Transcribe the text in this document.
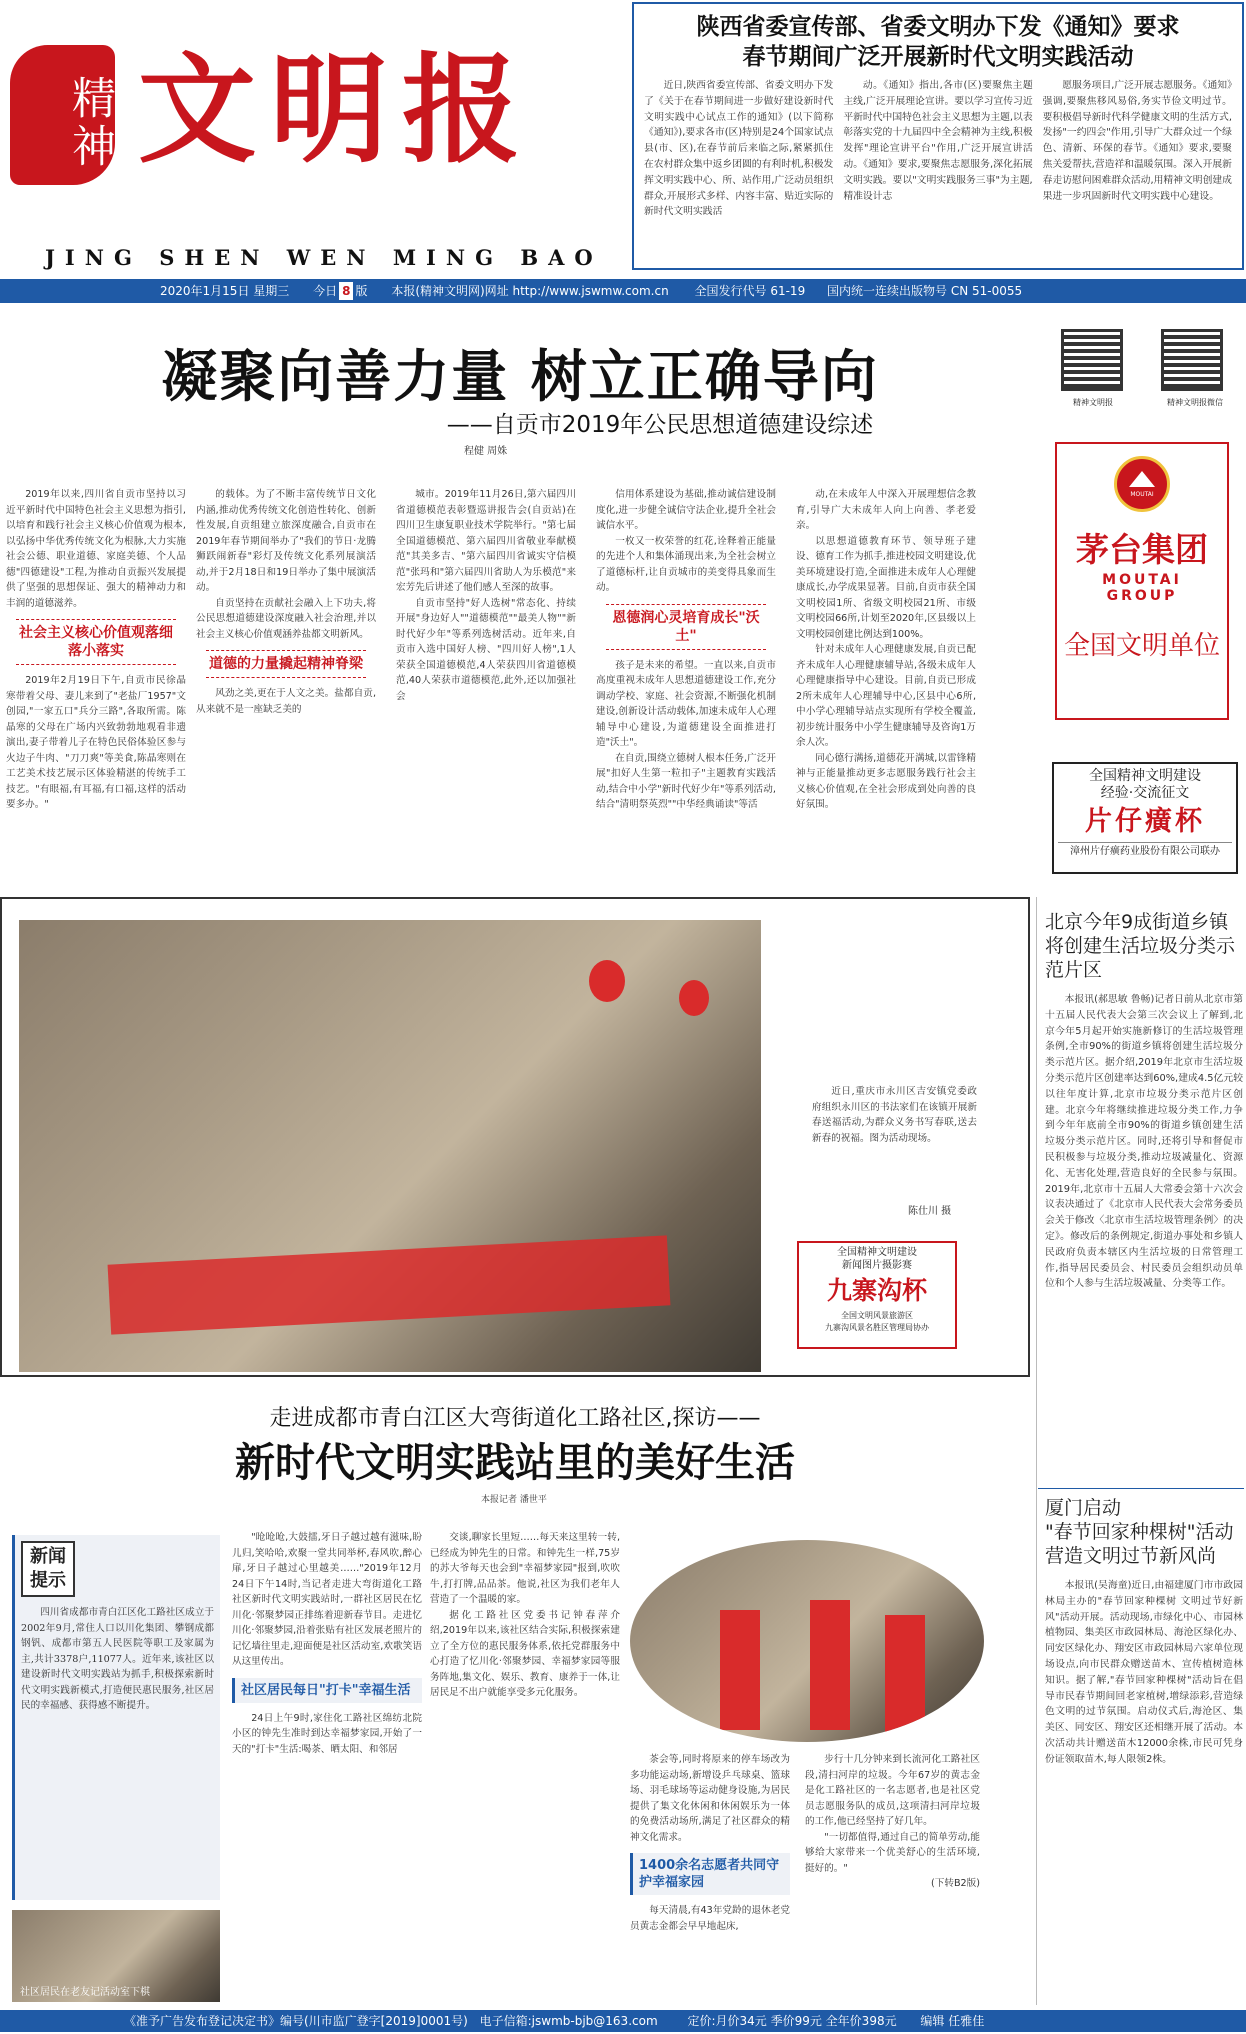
精神 文明报
JING SHEN WEN MING BAO
陕西省委宣传部、省委文明办下发《通知》要求
春节期间广泛开展新时代文明实践活动
近日,陕西省委宣传部、省委文明办下发了《关于在春节期间进一步做好建设新时代文明实践中心试点工作的通知》(以下简称《通知》),要求各市(区)特别是24个国家试点县(市、区),在春节前后来临之际,紧紧抓住在农村群众集中返乡团圆的有利时机,积极发挥文明实践中心、所、站作用,广泛动员组织群众,开展形式多样、内容丰富、贴近实际的新时代文明实践活
动。《通知》指出,各市(区)要聚焦主题主线,广泛开展理论宣讲。要以学习宣传习近平新时代中国特色社会主义思想为主题,以表彰落实党的十九届四中全会精神为主线,积极发挥"理论宣讲平台"作用,广泛开展宣讲活动。《通知》要求,要聚焦志愿服务,深化拓展文明实践。要以"文明实践服务三事"为主题,精准设计志
愿服务项目,广泛开展志愿服务。《通知》强调,要聚焦移风易俗,务实节俭文明过节。要积极倡导新时代科学健康文明的生活方式,发扬"一约四会"作用,引导广大群众过一个绿色、清新、环保的春节。《通知》要求,要聚焦关爱帮扶,营造祥和温暖氛围。深入开展新春走访慰问困难群众活动,用精神文明创建成果进一步巩固新时代文明实践中心建设。
2020年1月15日 星期三 今日 8 版 本报(精神文明网)网址 http://www.jswmw.com.cn 全国发行代号 61-19 国内统一连续出版物号 CN 51-0055
凝聚向善力量 树立正确导向
——自贡市2019年公民思想道德建设综述
程健 周姝

2019年以来,四川省自贡市坚持以习近平新时代中国特色社会主义思想为指引,以培育和践行社会主义核心价值观为根本,以弘扬中华优秀传统文化为根脉,大力实施社会公德、职业道德、家庭美德、个人品德"四德建设"工程,为推动自贡振兴发展提供了坚强的思想保证、强大的精神动力和丰润的道德滋养。

社会主义核心价值观落细落小落实

2019年2月19日下午,自贡市民徐晶寒带着父母、妻儿来到了"老盐厂1957"文创园,"一家五口"兵分三路",各取所需。陈晶寒的父母在广场内兴致勃勃地观看非遗演出,妻子带着儿子在特色民俗体验区参与火边子牛肉、"刀刀爽"等美食,陈晶寒则在工艺美术技艺展示区体验精湛的传统手工技艺。"有眼福,有耳福,有口福,这样的活动要多办。"

的载体。为了不断丰富传统节日文化内涵,推动优秀传统文化创造性转化、创新性发展,自贡组建立旅深度融合,自贡市在2019年春节期间举办了"我们的节日·龙腾狮跃闹新春"彩灯及传统文化系列展演活动,并于2月18日和19日举办了集中展演活动。

自贡坚持在贡献社会融入上下功夫,将公民思想道德建设深度融入社会治理,并以社会主义核心价值观涵养盐都文明新风。

道德的力量撬起精神脊梁

风劲之美,更在于人文之美。盐都自贡,从来就不是一座缺乏美的

城市。2019年11月26日,第六届四川省道德模范表彰暨巡讲报告会(自贡站)在四川卫生康复职业技术学院举行。"第七届全国道德模范、第六届四川省敬业奉献模范"其美多吉、"第六届四川省诚实守信模范"张玛和"第六届四川省助人为乐模范"来宏芳先后讲述了他们感人至深的故事。

自贡市坚持"好人选树"常态化、持续开展"身边好人""道德模范""最美人物""新时代好少年"等系列选树活动。近年来,自贡市入选中国好人榜、"四川好人榜",1人荣获全国道德模范,4人荣获四川省道德模范,40人荣获市道德模范,此外,还以加强社会

信用体系建设为基础,推动诚信建设制度化,进一步健全诚信守法企业,提升全社会诚信水平。

一枚又一枚荣誉的红花,诠释着正能量的先进个人和集体涌现出来,为全社会树立了道德标杆,让自贡城市的美变得具象而生动。

恩德润心灵培育成长"沃土"

孩子是未来的希望。一直以来,自贡市高度重视未成年人思想道德建设工作,充分调动学校、家庭、社会资源,不断强化机制建设,创新设计活动载体,加速未成年人心理辅导中心建设,为道德建设全面推进打造"沃土"。

在自贡,围绕立德树人根本任务,广泛开展"扣好人生第一粒扣子"主题教育实践活动,结合中小学"新时代好少年"等系列活动,结合"清明祭英烈""中华经典诵读"等活

动,在未成年人中深入开展理想信念教育,引导广大未成年人向上向善、孝老爱亲。

以思想道德教育环节、领导班子建设、德育工作为抓手,推进校园文明建设,优美环境建设打造,全面推进未成年人心理健康成长,办学成果显著。目前,自贡市获全国文明校园1所、省级文明校园21所、市级文明校园66所,计划至2020年,区县级以上文明校园创建比例达到100%。

针对未成年人心理健康发展,自贡已配齐未成年人心理健康辅导站,各级未成年人心理健康指导中心建设。目前,自贡已形成2所未成年人心理辅导中心,区县中心6所,中小学心理辅导站点实现所有学校全覆盖,初步统计服务中小学生健康辅导及咨询1万余人次。

同心德行满扬,道德花开满城,以雷锋精神与正能量推动更多志愿服务践行社会主义核心价值观,在全社会形成到处向善的良好氛围。

精神文明报	精神文明报微信
MOUTAI
茅台集团
MOUTAI GROUP
全国文明单位
全国精神文明建设
经验·交流征文
片仔癀杯
漳州片仔癀药业股份有限公司联办
近日,重庆市永川区吉安镇党委政府组织永川区的书法家们在该镇开展新春送福活动,为群众义务书写春联,送去新春的祝福。图为活动现场。
陈仕川 摄
全国精神文明建设
新闻图片摄影赛
九寨沟杯
全国文明风景旅游区
九寨沟风景名胜区管理局协办
北京今年9成街道乡镇将创建生活垃圾分类示范片区

本报讯(郝思敏 鲁畅)记者日前从北京市第十五届人民代表大会第三次会议上了解到,北京今年5月起开始实施新修订的生活垃圾管理条例,全市90%的街道乡镇将创建生活垃圾分类示范片区。据介绍,2019年北京市生活垃圾分类示范片区创建率达到60%,建成4.5亿元较以往年度计算,北京市垃圾分类示范片区创建。北京今年将继续推进垃圾分类工作,力争到今年年底前全市90%的街道乡镇创建生活垃圾分类示范片区。同时,还将引导和督促市民积极参与垃圾分类,推动垃圾减量化、资源化、无害化处理,营造良好的全民参与氛围。2019年,北京市十五届人大常委会第十六次会议表决通过了《北京市人民代表大会常务委员会关于修改〈北京市生活垃圾管理条例〉的决定》。修改后的条例规定,街道办事处和乡镇人民政府负责本辖区内生活垃圾的日常管理工作,指导居民委员会、村民委员会组织动员单位和个人参与生活垃圾减量、分类等工作。

厦门启动
"春节回家种棵树"活动
营造文明过节新风尚

本报讯(吴海童)近日,由福建厦门市市政园林局主办的"春节回家种棵树 文明过节好新风"活动开展。活动现场,市绿化中心、市园林植物园、集美区市政园林局、海沧区绿化办、同安区绿化办、翔安区市政园林局六家单位现场设点,向市民群众赠送苗木、宣传植树造林知识。据了解,"春节回家种棵树"活动旨在倡导市民春节期间回老家植树,增绿添彩,营造绿色文明的过节氛围。启动仪式后,海沧区、集美区、同安区、翔安区还相继开展了活动。本次活动共计赠送苗木12000余株,市民可凭身份证领取苗木,每人限领2株。

走进成都市青白江区大弯街道化工路社区,探访——
新时代文明实践站里的美好生活
本报记者 潘世平
新闻提示

四川省成都市青白江区化工路社区成立于2002年9月,常住人口以川化集团、攀钢成都钢钒、成都市第五人民医院等职工及家属为主,共计3378户,11077人。近年来,该社区以建设新时代文明实践站为抓手,积极探索新时代文明实践新模式,打造便民惠民服务,社区居民的幸福感、获得感不断提升。

社区居民在老友记活动室下棋

"呛呛呛,大鼓擂,牙日子越过越有滋味,盼儿归,笑哈哈,欢聚一堂共同举杯,春风吹,醉心扉,牙日子越过心里越美……"2019年12月24日下午14时,当记者走进大弯街道化工路社区新时代文明实践站时,一群社区居民在忆川化·邻聚梦园正排练着迎新春节目。走进忆川化·邻聚梦园,沿着张贴有社区发展老照片的记忆墙往里走,迎面便是社区活动室,欢歌笑语从这里传出。

社区居民每日"打卡"幸福生活

24日上午9时,家住化工路社区绵纺北院小区的钟先生准时到达幸福梦家园,开始了一天的"打卡"生活:喝茶、晒太阳、和邻居

交谈,聊家长里短……每天来这里转一转,已经成为钟先生的日常。和钟先生一样,75岁的苏大爷每天也会到"幸福梦家园"报到,吹吹牛,打打牌,品品茶。他说,社区为我们老年人营造了一个温暖的家。

据化工路社区党委书记钟春萍介绍,2019年以来,该社区结合实际,积极探索建立了全方位的惠民服务体系,依托党群服务中心打造了忆川化·邻聚梦园、幸福梦家园等服务阵地,集文化、娱乐、教育、康养于一体,让居民足不出户就能享受多元化服务。

茶会等,同时将原来的停车场改为多功能运动场,新增设乒乓球桌、篮球场、羽毛球场等运动健身设施,为居民提供了集文化休闲和休闲娱乐为一体的免费活动场所,满足了社区群众的精神文化需求。

1400余名志愿者共同守护幸福家园

每天清晨,有43年党龄的退休老党员黄志金都会早早地起床,

步行十几分钟来到长流河化工路社区段,清扫河岸的垃圾。今年67岁的黄志金是化工路社区的一名志愿者,也是社区党员志愿服务队的成员,这项清扫河岸垃圾的工作,他已经坚持了好几年。

"一切都值得,通过自己的简单劳动,能够给大家带来一个优美舒心的生活环境,挺好的。"

(下转B2版)

《准予广告发布登记决定书》编号(川市监广登字[2019]0001号) 电子信箱:jswmb-bjb@163.com 定价:月价34元 季价99元 全年价398元 编辑 任雅佳
